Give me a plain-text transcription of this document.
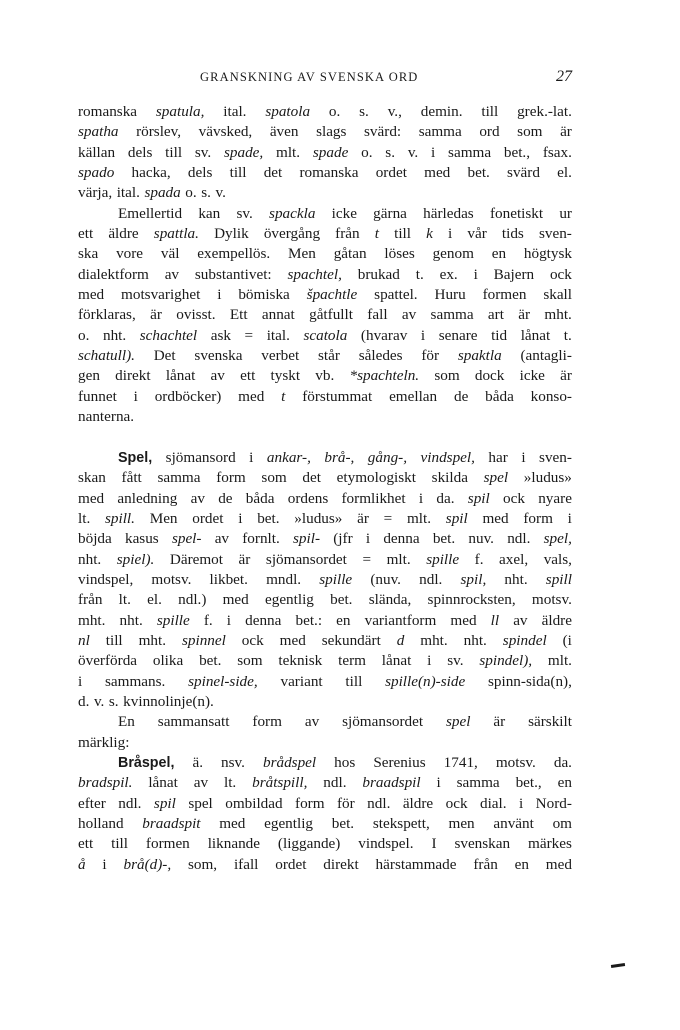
GRANSKNING AV SVENSKA ORD	27
romanska spatula, ital. spatola o. s. v., demin. till grek.-lat.
spatha rörslev, vävsked, även slags svärd: samma ord som är
källan dels till sv. spade, mlt. spade o. s. v. i samma bet., fsax.
spado hacka, dels till det romanska ordet med bet. svärd el.
värja, ital. spada o. s. v.
Emellertid kan sv. spackla icke gärna härledas fonetiskt ur
ett äldre spattla. Dylik övergång från t till k i vår tids sven-
ska vore väl exempellös. Men gåtan löses genom en högtysk
dialektform av substantivet: spachtel, brukad t. ex. i Bajern ock
med motsvarighet i bömiska špachtle spattel. Huru formen skall
förklaras, är ovisst. Ett annat gåtfullt fall av samma art är mht.
o. nht. schachtel ask = ital. scatola (hvarav i senare tid lånat t.
schatull). Det svenska verbet står således för spaktla (antagli-
gen direkt lånat av ett tyskt vb. *spachteln. som dock icke är
funnet i ordböcker) med t förstummat emellan de båda konso-
nanterna.
Spel, sjömansord i ankar-, brå-, gång-, vindspel, har i sven-
skan fått samma form som det etymologiskt skilda spel »ludus»
med anledning av de båda ordens formlikhet i da. spil ock nyare
lt. spill. Men ordet i bet. »ludus» är = mlt. spil med form i
böjda kasus spel- av fornlt. spil- (jfr i denna bet. nuv. ndl. spel,
nht. spiel). Däremot är sjömansordet = mlt. spille f. axel, vals,
vindspel, motsv. likbet. mndl. spille (nuv. ndl. spil, nht. spill
från lt. el. ndl.) med egentlig bet. slända, spinnrocksten, motsv.
mht. nht. spille f. i denna bet.: en variantform med ll av äldre
nl till mht. spinnel ock med sekundärt d mht. nht. spindel (i
överförda olika bet. som teknisk term lånat i sv. spindel), mlt.
i sammans. spinel-side, variant till spille(n)-side spinn-sida(n),
d. v. s. kvinnolinje(n).
En sammansatt form av sjömansordet spel är särskilt
märklig:
Bråspel, ä. nsv. brådspel hos Serenius 1741, motsv. da.
bradspil. lånat av lt. bråtspill, ndl. braadspil i samma bet., en
efter ndl. spil spel ombildad form för ndl. äldre ock dial. i Nord-
holland braadspit med egentlig bet. stekspett, men använt om
ett till formen liknande (liggande) vindspel. I svenskan märkes
å i brå(d)-, som, ifall ordet direkt härstammade från en med
